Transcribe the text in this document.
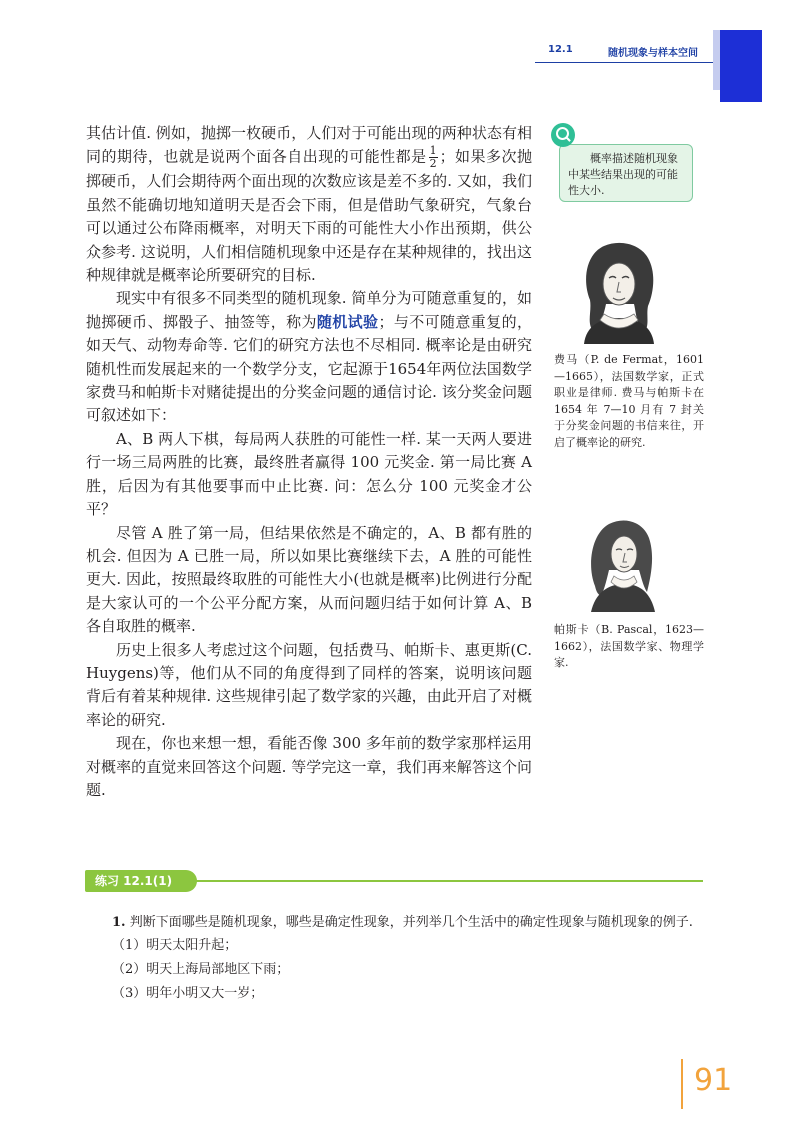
12.1	随机现象与样本空间

其估计值. 例如，抛掷一枚硬币，人们对于可能出现的两种状态有相同的期待，也就是说两个面各自出现的可能性都是 $\frac{1}{2}$ ；如果多次抛掷硬币，人们会期待两个面出现的次数应该是差不多的. 又如，我们虽然不能确切地知道明天是否会下雨，但是借助气象研究，气象台可以通过公布降雨概率，对明天下雨的可能性大小作出预期，供公众参考. 这说明，人们相信随机现象中还是存在某种规律的，找出这种规律就是概率论所要研究的目标.

现实中有很多不同类型的随机现象. 简单分为可随意重复的，如抛掷硬币、掷骰子、抽签等，称为随机试验；与不可随意重复的，如天气、动物寿命等. 它们的研究方法也不尽相同. 概率论是由研究随机性而发展起来的一个数学分支，它起源于1654年两位法国数学家费马和帕斯卡对赌徒提出的分奖金问题的通信讨论. 该分奖金问题可叙述如下：

A、B 两人下棋，每局两人获胜的可能性一样. 某一天两人要进行一场三局两胜的比赛，最终胜者赢得 100 元奖金. 第一局比赛 A 胜，后因为有其他要事而中止比赛. 问：怎么分 100 元奖金才公平？

尽管 A 胜了第一局，但结果依然是不确定的，A、B 都有胜的机会. 但因为 A 已胜一局，所以如果比赛继续下去，A 胜的可能性更大. 因此，按照最终取胜的可能性大小(也就是概率)比例进行分配是大家认可的一个公平分配方案，从而问题归结于如何计算 A、B 各自取胜的概率.

历史上很多人考虑过这个问题，包括费马、帕斯卡、惠更斯(C. Huygens)等，他们从不同的角度得到了同样的答案，说明该问题背后有着某种规律. 这些规律引起了数学家的兴趣，由此开启了对概率论的研究.

现在，你也来想一想，看能否像 300 多年前的数学家那样运用对概率的直觉来回答这个问题. 等学完这一章，我们再来解答这个问题.

概率描述随机现象中某些结果出现的可能性大小.
费马（P. de Fermat，1601—1665），法国数学家，正式职业是律师. 费马与帕斯卡在 1654 年 7—10 月有 7 封关于分奖金问题的书信来往，开启了概率论的研究.
帕斯卡（B. Pascal，1623—1662），法国数学家、物理学家.
练习 12.1(1)

1. 判断下面哪些是随机现象，哪些是确定性现象，并列举几个生活中的确定性现象与随机现象的例子.

（1）明天太阳升起；

（2）明天上海局部地区下雨；

（3）明年小明又大一岁；

91
